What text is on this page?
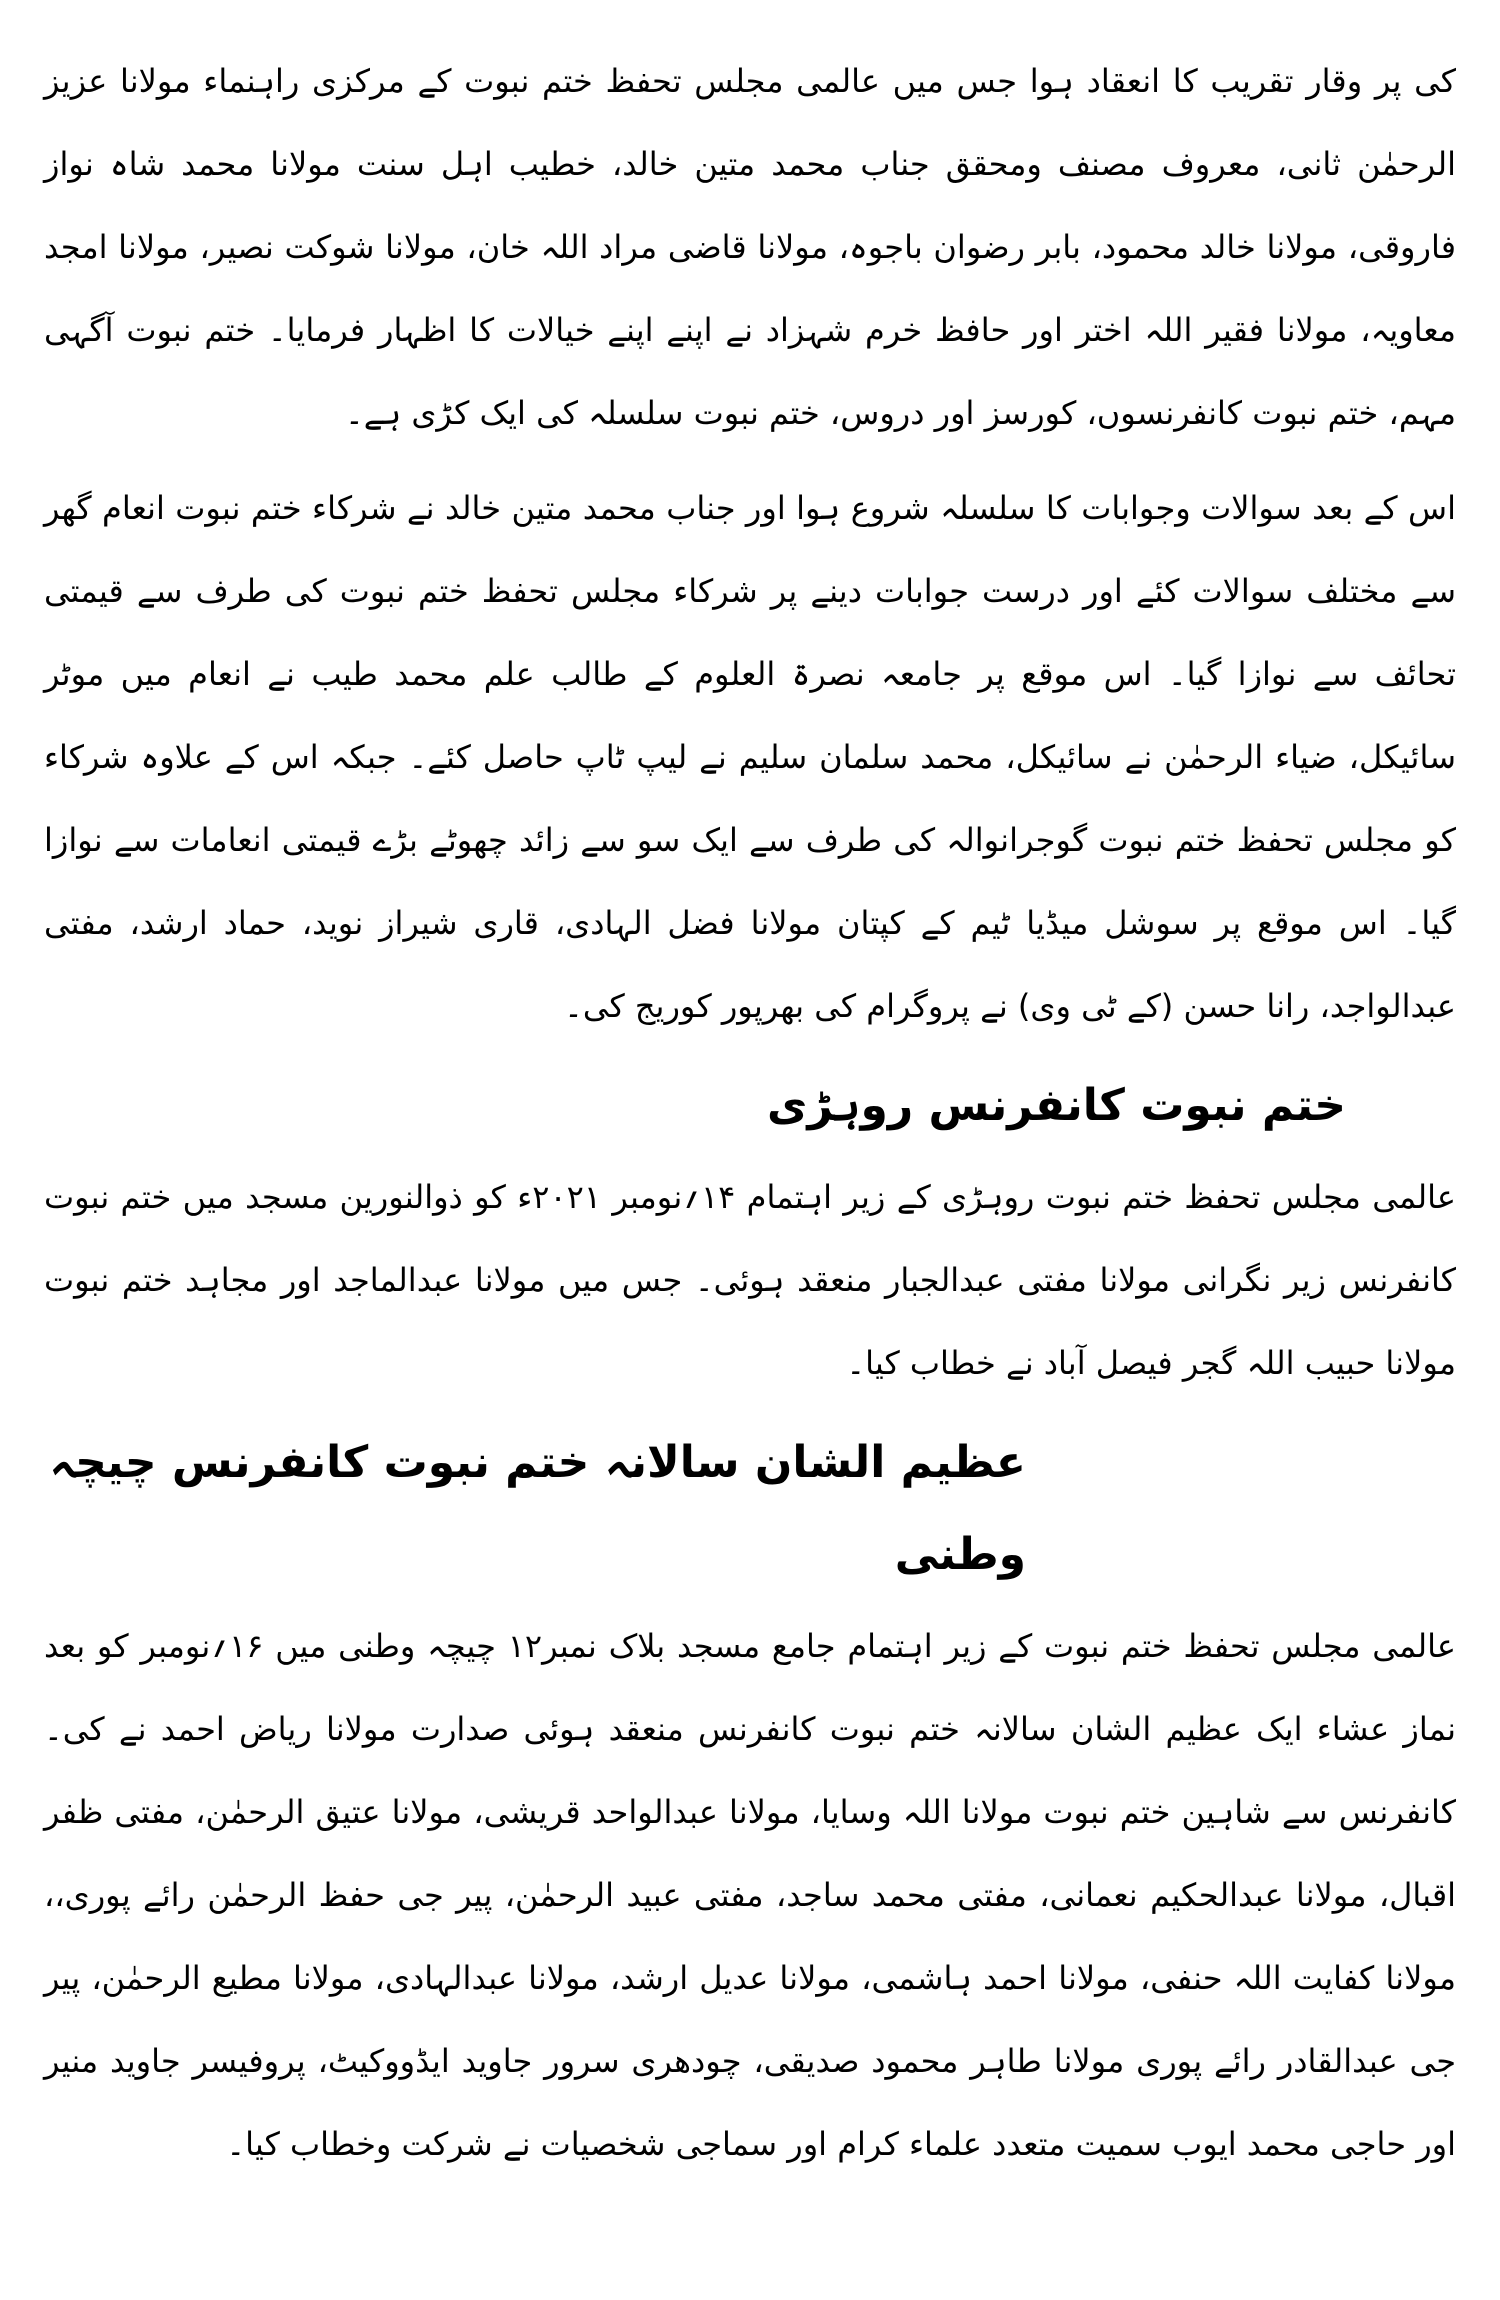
کی پر وقار تقریب کا انعقاد ہوا جس میں عالمی مجلس تحفظ ختم نبوت کے مرکزی راہنماء مولانا عزیز الرحمٰن ثانی، معروف مصنف ومحقق جناب محمد متین خالد، خطیب اہل سنت مولانا محمد شاہ نواز فاروقی، مولانا خالد محمود، بابر رضوان باجوہ، مولانا قاضی مراد اللہ خان، مولانا شوکت نصیر، مولانا امجد معاویہ، مولانا فقیر اللہ اختر اور حافظ خرم شہزاد نے اپنے اپنے خیالات کا اظہار فرمایا۔ ختم نبوت آگہی مہم، ختم نبوت کانفرنسوں، کورسز اور دروس، ختم نبوت سلسلہ کی ایک کڑی ہے۔

اس کے بعد سوالات وجوابات کا سلسلہ شروع ہوا اور جناب محمد متین خالد نے شرکاء ختم نبوت انعام گھر سے مختلف سوالات کئے اور درست جوابات دینے پر شرکاء مجلس تحفظ ختم نبوت کی طرف سے قیمتی تحائف سے نوازا گیا۔ اس موقع پر جامعہ نصرۃ العلوم کے طالب علم محمد طیب نے انعام میں موٹر سائیکل، ضیاء الرحمٰن نے سائیکل، محمد سلمان سلیم نے لیپ ٹاپ حاصل کئے۔ جبکہ اس کے علاوہ شرکاء کو مجلس تحفظ ختم نبوت گوجرانوالہ کی طرف سے ایک سو سے زائد چھوٹے بڑے قیمتی انعامات سے نوازا گیا۔ اس موقع پر سوشل میڈیا ٹیم کے کپتان مولانا فضل الہادی، قاری شیراز نوید، حماد ارشد، مفتی عبدالواجد، رانا حسن (کے ٹی وی) نے پروگرام کی بھرپور کوریج کی۔

ختم نبوت کانفرنس روہڑی

عالمی مجلس تحفظ ختم نبوت روہڑی کے زیر اہتمام ۱۴؍نومبر ۲۰۲۱ء کو ذوالنورین مسجد میں ختم نبوت کانفرنس زیر نگرانی مولانا مفتی عبدالجبار منعقد ہوئی۔ جس میں مولانا عبدالماجد اور مجاہد ختم نبوت مولانا حبیب اللہ گجر فیصل آباد نے خطاب کیا۔

عظیم الشان سالانہ ختم نبوت کانفرنس چیچہ وطنی

عالمی مجلس تحفظ ختم نبوت کے زیر اہتمام جامع مسجد بلاک نمبر۱۲ چیچہ وطنی میں ۱۶؍نومبر کو بعد نماز عشاء ایک عظیم الشان سالانہ ختم نبوت کانفرنس منعقد ہوئی صدارت مولانا ریاض احمد نے کی۔ کانفرنس سے شاہین ختم نبوت مولانا اللہ وسایا، مولانا عبدالواحد قریشی، مولانا عتیق الرحمٰن، مفتی ظفر اقبال، مولانا عبدالحکیم نعمانی، مفتی محمد ساجد، مفتی عبید الرحمٰن، پیر جی حفظ الرحمٰن رائے پوری،، مولانا کفایت اللہ حنفی، مولانا احمد ہاشمی، مولانا عدیل ارشد، مولانا عبدالہادی، مولانا مطیع الرحمٰن، پیر جی عبدالقادر رائے پوری مولانا طاہر محمود صدیقی، چودھری سرور جاوید ایڈووکیٹ، پروفیسر جاوید منیر اور حاجی محمد ایوب سمیت متعدد علماء کرام اور سماجی شخصیات نے شرکت وخطاب کیا۔
